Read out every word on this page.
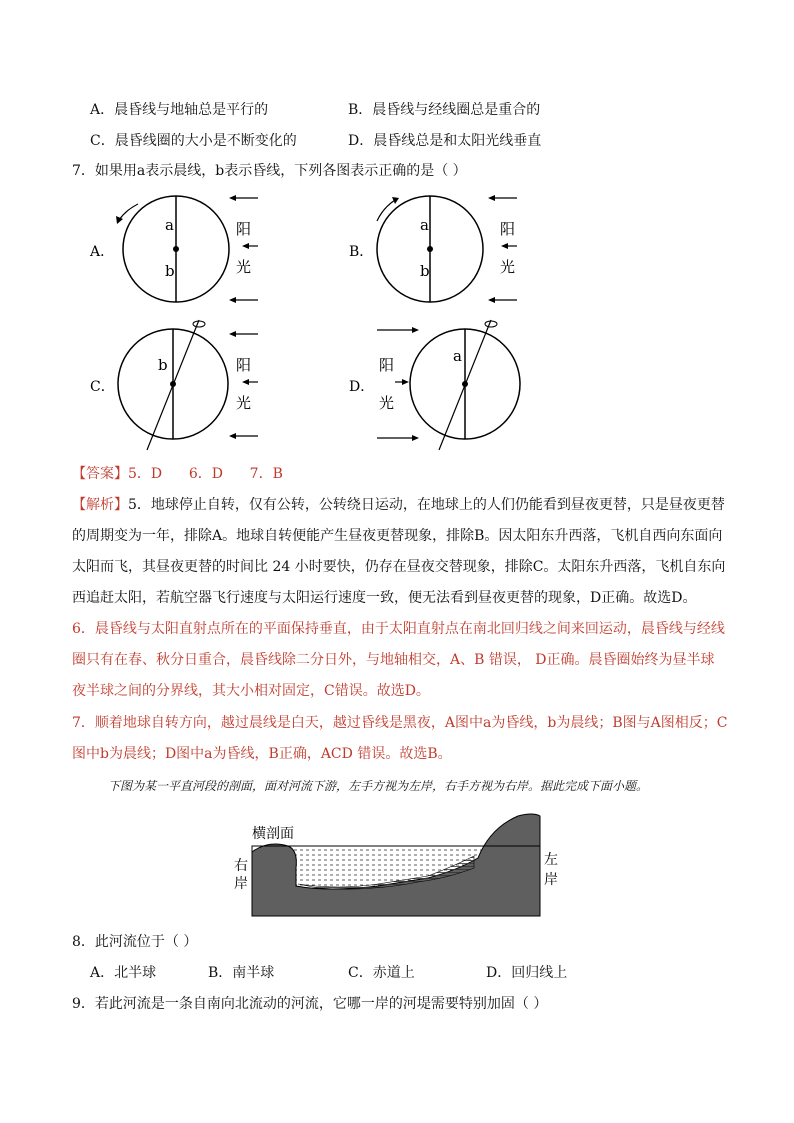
A．晨昏线与地轴总是平行的	B．晨昏线与经线圈总是重合的
C．晨昏线圈的大小是不断变化的	D．晨昏线总是和太阳光线垂直
7．如果用a表示晨线，b表示昏线，下列各图表示正确的是（ ）
A．
a
b
阳
光
B．
a
b
阳
光
C．
b	阳
光
D．
阳
光
a
【答案】5．D      6．D      7．B
【解析】5．地球停止自转，仅有公转，公转绕日运动，在地球上的人们仍能看到昼夜更替，只是昼夜更替
的周期变为一年，排除A。地球自转便能产生昼夜更替现象，排除B。因太阳东升西落，飞机自西向东面向
太阳而飞，其昼夜更替的时间比 24 小时要快，仍存在昼夜交替现象，排除C。太阳东升西落，飞机自东向
西追赶太阳，若航空器飞行速度与太阳运行速度一致，便无法看到昼夜更替的现象，D正确。故选D。
6．晨昏线与太阳直射点所在的平面保持垂直，由于太阳直射点在南北回归线之间来回运动，晨昏线与经线
圈只有在春、秋分日重合，晨昏线除二分日外，与地轴相交，A、B 错误， D正确。晨昏圈始终为昼半球
夜半球之间的分界线，其大小相对固定，C错误。故选D。
7．顺着地球自转方向，越过晨线是白天，越过昏线是黑夜，A图中a为昏线，b为晨线；B图与A图相反；C
图中b为晨线；D图中a为昏线，B正确，ACD 错误。故选B。
下图为某一平直河段的剖面，面对河流下游，左手方视为左岸，右手方视为右岸。据此完成下面小题。
横剖面
右
岸
左
岸
8．此河流位于（ ）
A．北半球	B．南半球	C．赤道上	D．回归线上
9．若此河流是一条自南向北流动的河流，它哪一岸的河堤需要特别加固（ ）
